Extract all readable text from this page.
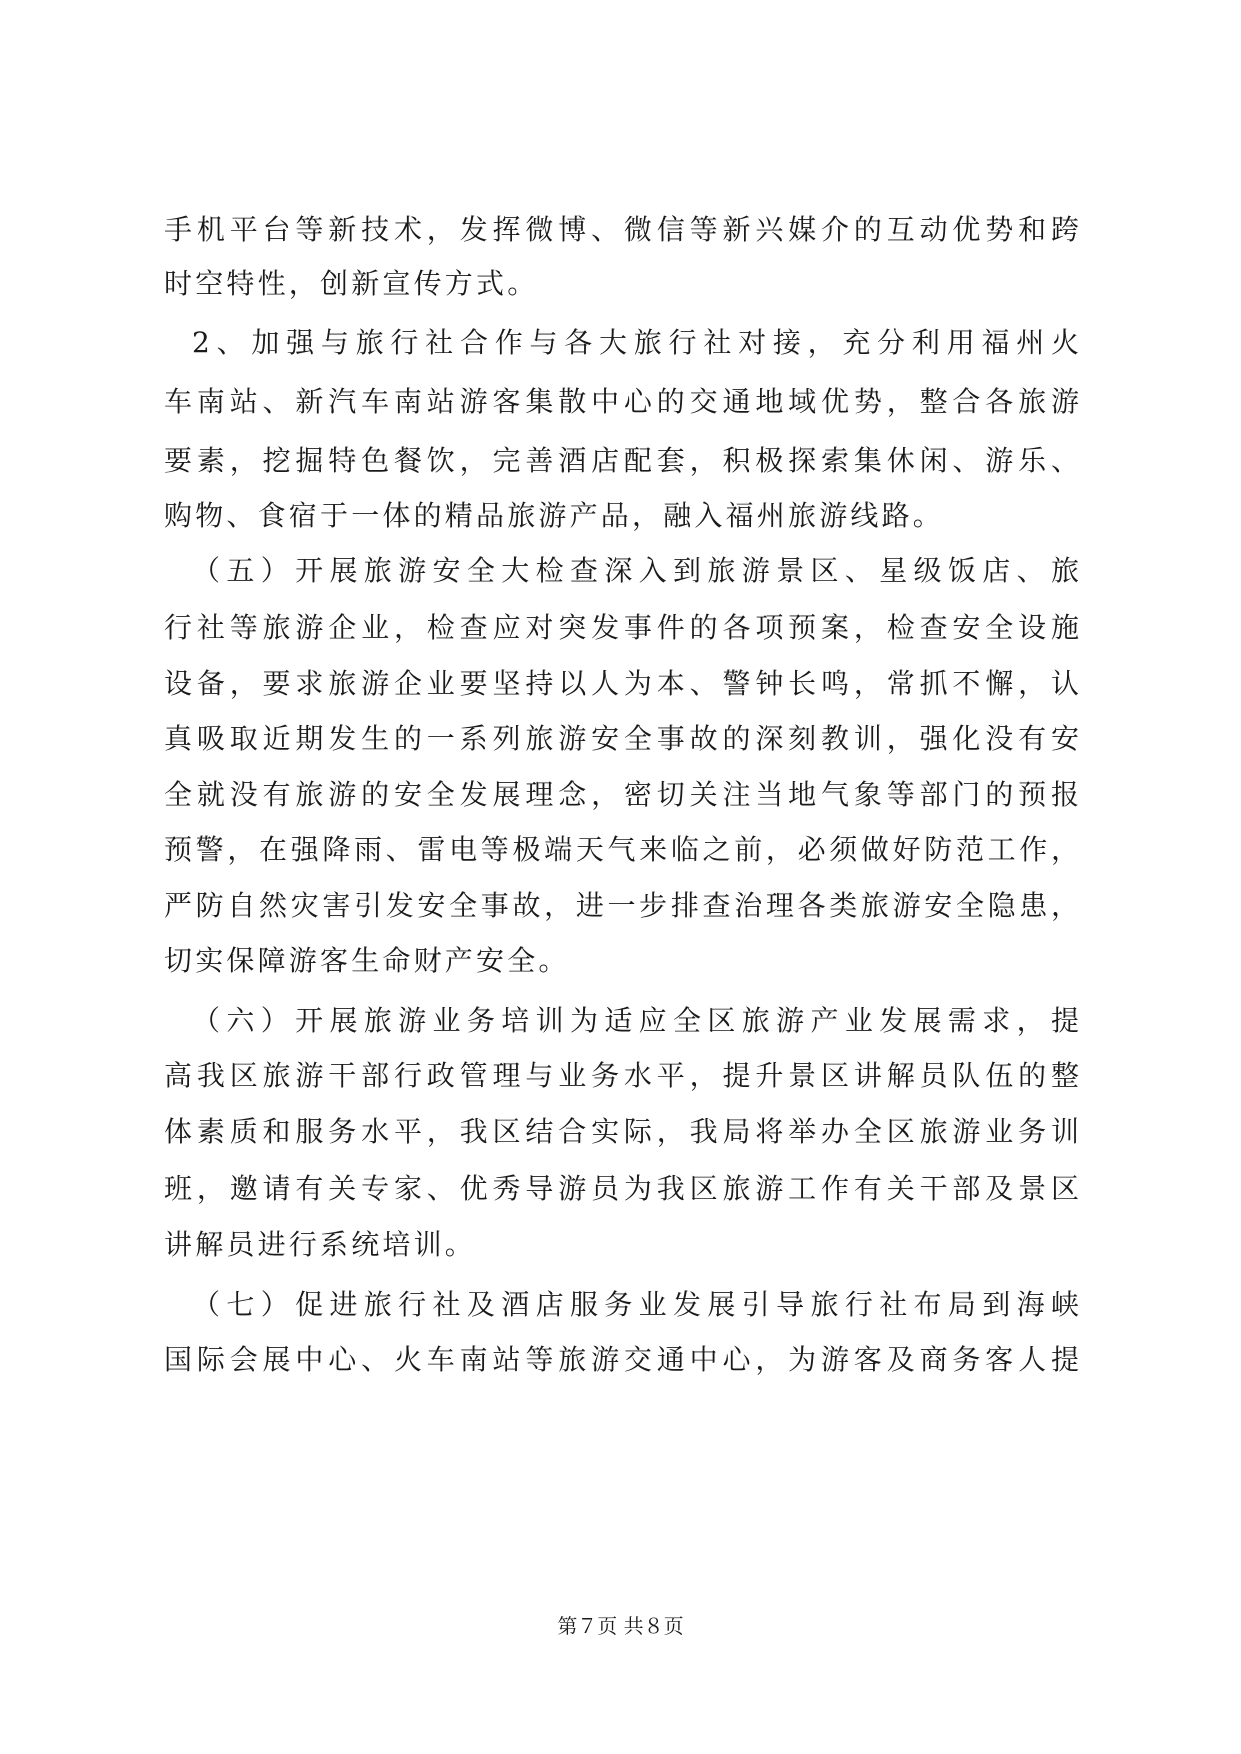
手机平台等新技术，发挥微博、微信等新兴媒介的互动优势和跨
时空特性，创新宣传方式。
2、加强与旅行社合作与各大旅行社对接，充分利用福州火
车南站、新汽车南站游客集散中心的交通地域优势，整合各旅游
要素，挖掘特色餐饮，完善酒店配套，积极探索集休闲、游乐、
购物、食宿于一体的精品旅游产品，融入福州旅游线路。
（五）开展旅游安全大检查深入到旅游景区、星级饭店、旅
行社等旅游企业，检查应对突发事件的各项预案，检查安全设施
设备，要求旅游企业要坚持以人为本、警钟长鸣，常抓不懈，认
真吸取近期发生的一系列旅游安全事故的深刻教训，强化没有安
全就没有旅游的安全发展理念，密切关注当地气象等部门的预报
预警，在强降雨、雷电等极端天气来临之前，必须做好防范工作，
严防自然灾害引发安全事故，进一步排查治理各类旅游安全隐患，
切实保障游客生命财产安全。
（六）开展旅游业务培训为适应全区旅游产业发展需求，提
高我区旅游干部行政管理与业务水平，提升景区讲解员队伍的整
体素质和服务水平，我区结合实际，我局将举办全区旅游业务训
班，邀请有关专家、优秀导游员为我区旅游工作有关干部及景区
讲解员进行系统培训。
（七）促进旅行社及酒店服务业发展引导旅行社布局到海峡
国际会展中心、火车南站等旅游交通中心，为游客及商务客人提
第７页 共８页
